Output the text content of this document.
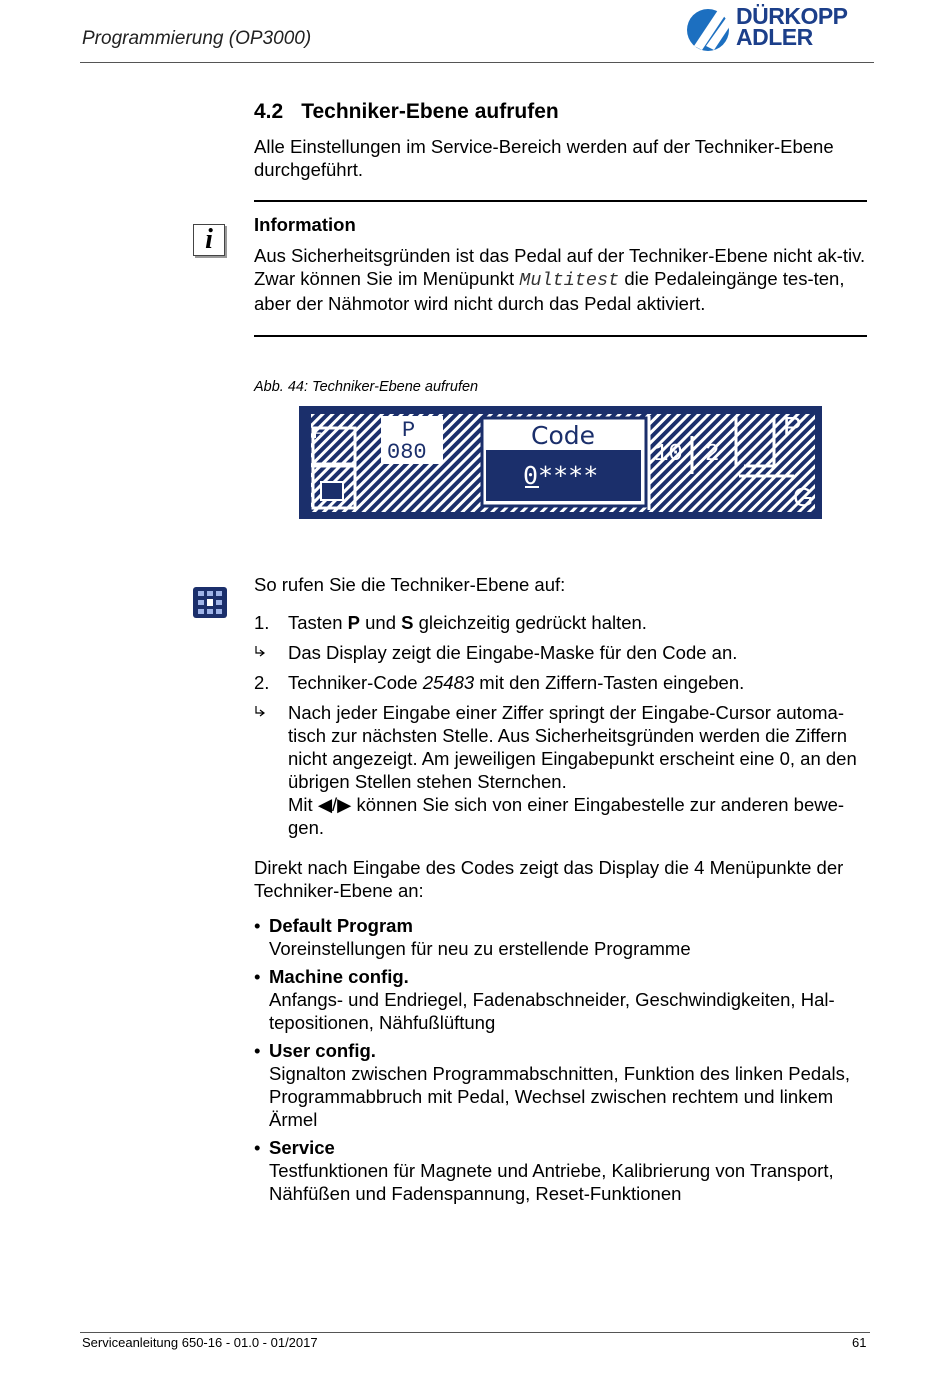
Programmierung (OP3000)
DÜRKOPP
ADLER
4.2 Techniker-Ebene aufrufen
Alle Einstellungen im Service-Bereich werden auf der Techniker-Ebene durchgeführt.
i	Information
Aus Sicherheitsgründen ist das Pedal auf der Techniker-Ebene nicht ak-tiv. Zwar können Sie im Menüpunkt Multitest die Pedaleingänge tes-ten, aber der Nähmotor wird nicht durch das Pedal aktiviert.
Abb. 44: Techniker-Ebene aufrufen
F	P
080
Code
0****
10 2
P
G
So rufen Sie die Techniker-Ebene auf:
1.	Tasten P und S gleichzeitig gedrückt halten.
Das Display zeigt die Eingabe-Maske für den Code an.
2.	Techniker-Code 25483 mit den Ziffern-Tasten eingeben.
Nach jeder Eingabe einer Ziffer springt der Eingabe-Cursor automa-tisch zur nächsten Stelle. Aus Sicherheitsgründen werden die Ziffern nicht angezeigt. Am jeweiligen Eingabepunkt erscheint eine 0, an den übrigen Stellen stehen Sternchen.
Mit ◀/▶ können Sie sich von einer Eingabestelle zur anderen bewe-gen.
Direkt nach Eingabe des Codes zeigt das Display die 4 Menüpunkte der Techniker-Ebene an:
• Default Program
Voreinstellungen für neu zu erstellende Programme
• Machine config.
Anfangs- und Endriegel, Fadenabschneider, Geschwindigkeiten, Hal-tepositionen, Nähfußlüftung
• User config.
Signalton zwischen Programmabschnitten, Funktion des linken Pedals, Programmabbruch mit Pedal, Wechsel zwischen rechtem und linkem Ärmel
• Service
Testfunktionen für Magnete und Antriebe, Kalibrierung von Transport, Nähfüßen und Fadenspannung, Reset-Funktionen
Serviceanleitung 650-16 - 01.0 - 01/2017	61
